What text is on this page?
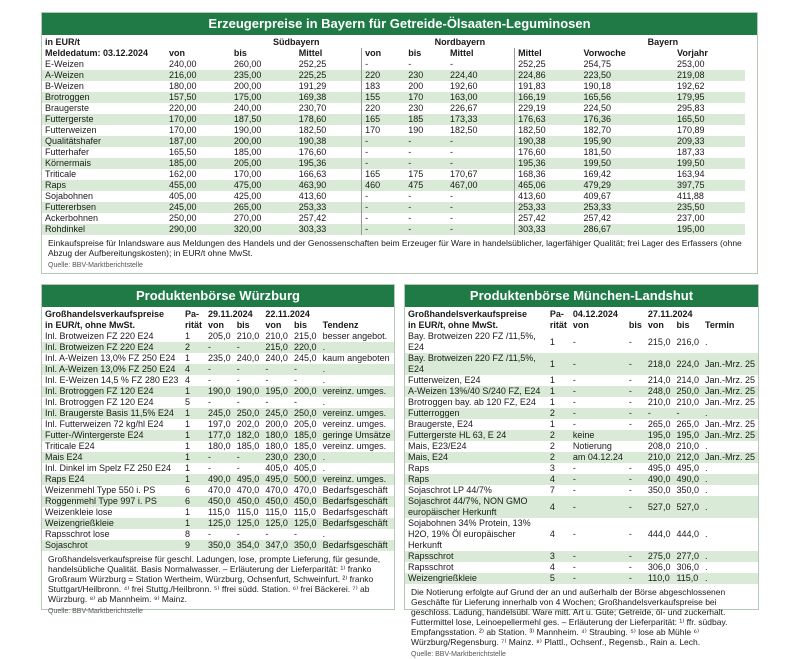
Erzeugerpreise in Bayern für Getreide-Ölsaaten-Leguminosen
in EUR/t		Südbayern			Nordbayern			Bayern		
Meldedatum: 03.12.2024	von	bis	Mittel	von	bis	Mittel	Mittel	Vorwoche	Vorjahr	
E-Weizen	240,00	260,00	252,25	-	-	-	252,25	254,75	253,00	
A-Weizen	216,00	235,00	225,25	220	230	224,40	224,86	223,50	219,08	
B-Weizen	180,00	200,00	191,29	183	200	192,60	191,83	190,18	192,62	
Brotroggen	157,50	175,00	169,38	155	170	163,00	166,19	165,56	179,95	
Braugerste	220,00	240,00	230,70	220	230	226,67	229,19	224,50	295,83	
Futtergerste	170,00	187,50	178,60	165	185	173,33	176,63	176,36	165,50	
Futterweizen	170,00	190,00	182,50	170	190	182,50	182,50	182,70	170,89	
Qualitätshafer	187,00	200,00	190,38	-	-	-	190,38	195,90	209,33	
Futterhafer	165,50	185,00	176,60	-	-	-	176,60	181,50	187,33	
Körnermais	185,00	205,00	195,36	-	-	-	195,36	199,50	199,50	
Triticale	162,00	170,00	166,63	165	175	170,67	168,36	169,42	163,94	
Raps	455,00	475,00	463,90	460	475	467,00	465,06	479,29	397,75	
Sojabohnen	405,00	425,00	413,60	-	-	-	413,60	409,67	411,88	
Futtererbsen	245,00	265,00	253,33	-	-	-	253,33	253,33	235,50	
Ackerbohnen	250,00	270,00	257,42	-	-	-	257,42	257,42	237,00	
Rohdinkel	290,00	320,00	303,33	-	-	-	303,33	286,67	195,00	
Einkaufspreise für Inlandsware aus Meldungen des Handels und der Genossenschaften beim Erzeuger für Ware in handelsüblicher, lagerfähiger Qualität; frei Lager des Erfassers (ohne Abzug der Aufbereitungskosten); in EUR/t ohne MwSt.
Quelle: BBV-Marktberichtstelle
Produktenbörse Würzburg
Großhandelsverkaufspreise	Pa-	29.11.2024		22.11.2024		
in EUR/t, ohne MwSt.	rität	von	bis	von	bis	Tendenz
Inl. Brotweizen FZ 220 E24	1	205,0	210,0	210,0	215,0	besser angebot.
Inl. Brotweizen FZ 220 E24	2	-	-	215,0	220,0	.
Inl. A-Weizen 13,0% FZ 250 E24	1	235,0	240,0	240,0	245,0	kaum angeboten
Inl. A-Weizen 13,0% FZ 250 E24	4	-	-	-	-	.
Inl. E-Weizen 14,5 % FZ 280 E23	4	-	-	-	-	.
Inl. Brotroggen FZ 120 E24	1	190,0	190,0	195,0	200,0	vereinz. umges.
Inl. Brotroggen FZ 120 E24	5	-	-	-	-	.
Inl. Braugerste Basis 11,5% E24	1	245,0	250,0	245,0	250,0	vereinz. umges.
Inl. Futterweizen 72 kg/hl E24	1	197,0	202,0	200,0	205,0	vereinz. umges.
Futter-/Wintergerste E24	1	177,0	182,0	180,0	185,0	geringe Umsätze
Triticale E24	1	180,0	185,0	180,0	185,0	vereinz. umges.
Mais E24	1	-	-	230,0	230,0	.
Inl. Dinkel im Spelz FZ 250 E24	1	-	-	405,0	405,0	.
Raps E24	1	490,0	495,0	495,0	500,0	vereinz. umges.
Weizenmehl Type 550 i. PS	6	470,0	470,0	470,0	470,0	Bedarfsgeschäft
Roggenmehl Type 997 i. PS	6	450,0	450,0	450,0	450,0	Bedarfsgeschäft
Weizenkleie lose	1	115,0	115,0	115,0	115,0	Bedarfsgeschäft
Weizengrießkleie	1	125,0	125,0	125,0	125,0	Bedarfsgeschäft
Rapsschrot lose	8	-	-	-	-	.
Sojaschrot	9	350,0	354,0	347,0	350,0	Bedarfsgeschäft
Großhandelsverkaufspreise für geschl. Ladungen, lose, prompte Lieferung, für gesunde, handelsübliche Qualität. Basis Normalwasser. – Erläuterung der Lieferparität: ¹⁾ franko Großraum Würzburg = Station Wertheim, Würzburg, Ochsenfurt, Schweinfurt. ²⁾ franko Stuttgart/Heilbronn. ⁴⁾ frei Stuttg./Heilbronn. ⁵⁾ ffrei südd. Station. ⁶⁾ frei Bäckerei. ⁷⁾ ab Würzburg. ⁸⁾ ab Mannheim. ⁹⁾ Mainz.
Quelle: BBV-Marktberichtstelle
Produktenbörse München-Landshut
Großhandelsverkaufspreise	Pa-	04.12.2024		27.11.2024		
in EUR/t, ohne MwSt.	rität	von	bis	von	bis	Termin
Bay. Brotweizen 220 FZ /11,5%, E24	1	-	-	215,0	216,0	.
Bay. Brotweizen 220 FZ /11,5%, E24	1	-	-	218,0	224,0	Jan.-Mrz. 25
Futterweizen, E24	1	-	-	214,0	214,0	Jan.-Mrz. 25
A-Weizen 13%/40 S/240 FZ, E24	1	-	-	248,0	250,0	Jan.-Mrz. 25
Brotroggen bay. ab 120 FZ, E24	1	-	-	210,0	210,0	Jan.-Mrz. 25
Futterroggen	2	-	-	-	-	.
Braugerste, E24	1	-	-	265,0	265,0	Jan.-Mrz. 25
Futtergerste HL 63, E 24	2	keine		195,0	195,0	Jan.-Mrz. 25
Mais, E23/E24	2	Notierung		208,0	210,0	.
Mais, E24	2	am 04.12.24		210,0	212,0	Jan.-Mrz. 25
Raps	3	-	-	495,0	495,0	.
Raps	4	-	-	490,0	490,0	.
Sojaschrot LP 44/7%	7	-	-	350,0	350,0	.
Sojaschrot 44/7%, NON GMO europäischer Herkunft	4	-	-	527,0	527,0	.
Sojabohnen 34% Protein, 13% H2O, 19% Öl europäischer Herkunft	4	-	-	444,0	444,0	.
Rapsschrot	3	-	-	275,0	277,0	.
Rapsschrot	4	-	-	306,0	306,0	.
Weizengrießkleie	5	-	-	110,0	115,0	.
Die Notierung erfolgte auf Grund der an und außerhalb der Börse abgeschlossenen Geschäfte für Lieferung innerhalb von 4 Wochen; Großhandelsverkaufspreise bei geschloss. Ladung, handelsübl. Ware mitt. Art u. Güte; Getreide, öl- und zuckerhalt. Futtermittel lose, Leinoepellermehl ges. – Erläuterung der Lieferparität: ¹⁾ ffr. südbay. Empfangsstation. ²⁾ ab Station. ³⁾ Mannheim. ⁴⁾ Straubing. ⁵⁾ lose ab Mühle ⁶⁾ Würzburg/Regensburg. ⁷⁾ Mainz. ⁸⁾ Plattl., Ochsenf., Regensb., Rain a. Lech.
Quelle: BBV-Marktberichtstelle
